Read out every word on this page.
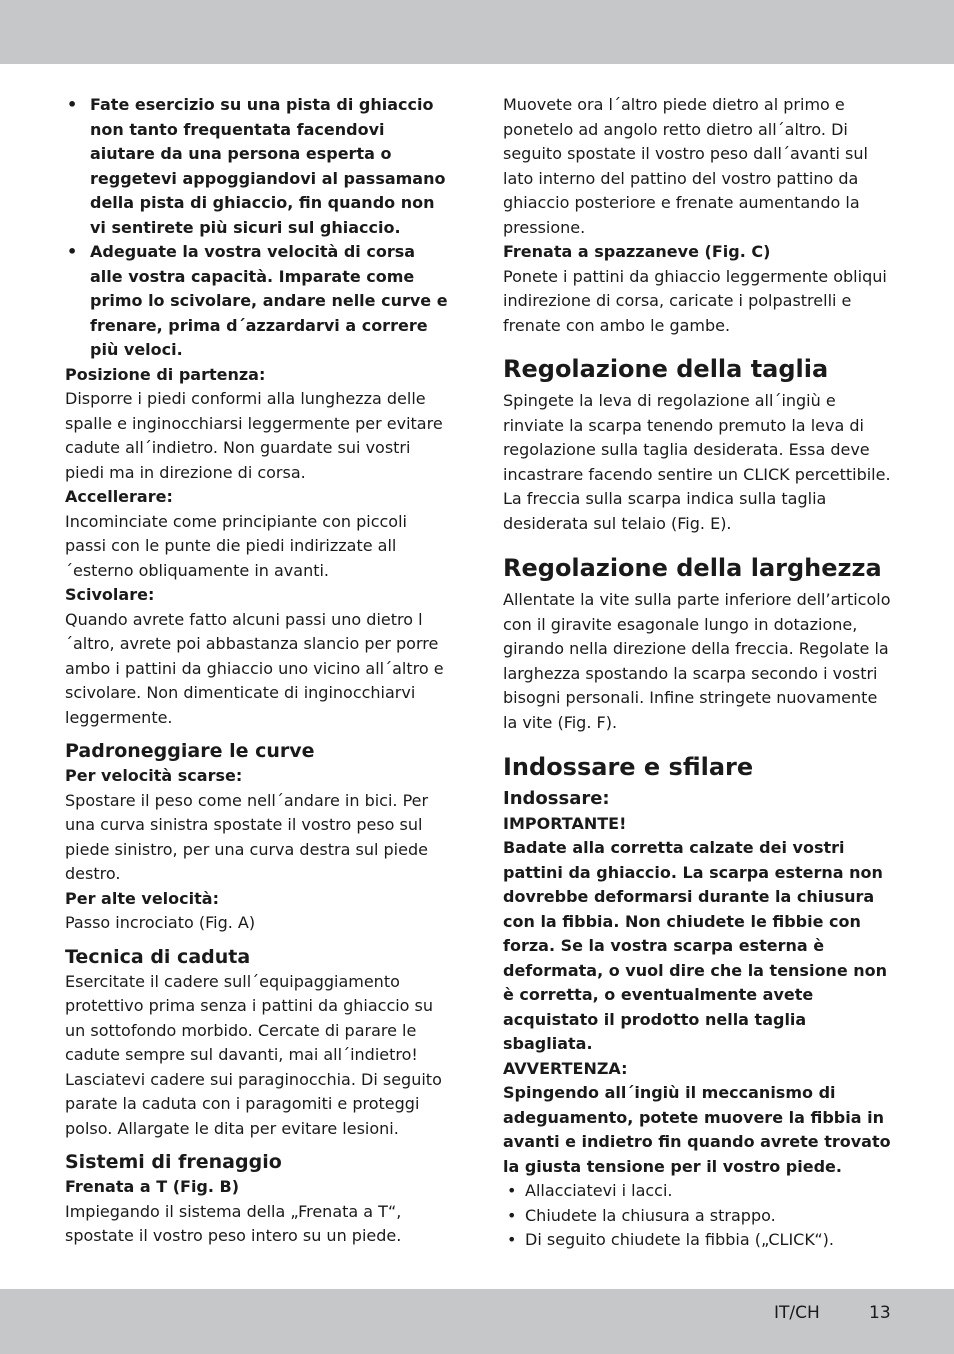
• Fate esercizio su una pista di ghiaccio non tanto frequentata facendovi aiutare da una persona esperta o reggetevi appoggiandovi al passamano della pista di ghiaccio, fin quando non vi sentirete più sicuri sul ghiaccio.
• Adeguate la vostra velocità di corsa alle vostra capacità. Imparate come primo lo scivolare, andare nelle curve e frenare, prima d´azzardarvi a correre più veloci.
Posizione di partenza:

Disporre i piedi conformi alla lunghezza delle spalle e inginocchiarsi leggermente per evitare cadute all´indietro. Non guardate sui vostri piedi ma in direzione di corsa.

Accellerare:

Incominciate come principiante con piccoli passi con le punte die piedi indirizzate all´esterno obliquamente in avanti.

Scivolare:

Quando avrete fatto alcuni passi uno dietro l´altro, avrete poi abbastanza slancio per porre ambo i pattini da ghiaccio uno vicino all´altro e scivolare. Non dimenticate di inginocchiarvi leggermente.

Padroneggiare le curve
Per velocità scarse:

Spostare il peso come nell´andare in bici. Per una curva sinistra spostate il vostro peso sul piede sinistro, per una curva destra sul piede destro.

Per alte velocità:

Passo incrociato (Fig. A)

Tecnica di caduta

Esercitate il cadere sull´equipaggiamento protettivo prima senza i pattini da ghiaccio su un sottofondo morbido. Cercate di parare le cadute sempre sul davanti, mai all´indietro! Lasciatevi cadere sui paraginocchia. Di seguito parate la caduta con i paragomiti e proteggi polso. Allargate le dita per evitare lesioni.

Sistemi di frenaggio
Frenata a T (Fig. B)

Impiegando il sistema della „Frenata a T“, spostate il vostro peso intero su un piede.

Muovete ora l´altro piede dietro al primo e ponetelo ad angolo retto dietro all´altro. Di seguito spostate il vostro peso dall´avanti sul lato interno del pattino del vostro pattino da ghiaccio posteriore e frenate aumentando la pressione.

Frenata a spazzaneve (Fig. C)

Ponete i pattini da ghiaccio leggermente obliqui indirezione di corsa, caricate i polpastrelli e frenate con ambo le gambe.

Regolazione della taglia

Spingete la leva di regolazione all´ingiù e rinviate la scarpa tenendo premuto la leva di regolazione sulla taglia desiderata. Essa deve incastrare facendo sentire un CLICK percettibile. La freccia sulla scarpa indica sulla taglia desiderata sul telaio (Fig. E).

Regolazione della larghezza

Allentate la vite sulla parte inferiore dell’articolo con il giravite esagonale lungo in dotazione, girando nella direzione della freccia. Regolate la larghezza spostando la scarpa secondo i vostri bisogni personali. Infine stringete nuovamente la vite (Fig. F).

Indossare e sfilare
Indossare:
IMPORTANTE!

Badate alla corretta calzate dei vostri pattini da ghiaccio. La scarpa esterna non dovrebbe deformarsi durante la chiusura con la fibbia. Non chiudete le fibbie con forza. Se la vostra scarpa esterna è deformata, o vuol dire che la tensione non è corretta, o eventualmente avete acquistato il prodotto nella taglia sbagliata.

AVVERTENZA:

Spingendo all´ingiù il meccanismo di adeguamento, potete muovere la fibbia in avanti e indietro fin quando avrete trovato la giusta tensione per il vostro piede.

• Allacciatevi i lacci.
• Chiudete la chiusura a strappo.
• Di seguito chiudete la fibbia („CLICK“).
IT/CH	13
